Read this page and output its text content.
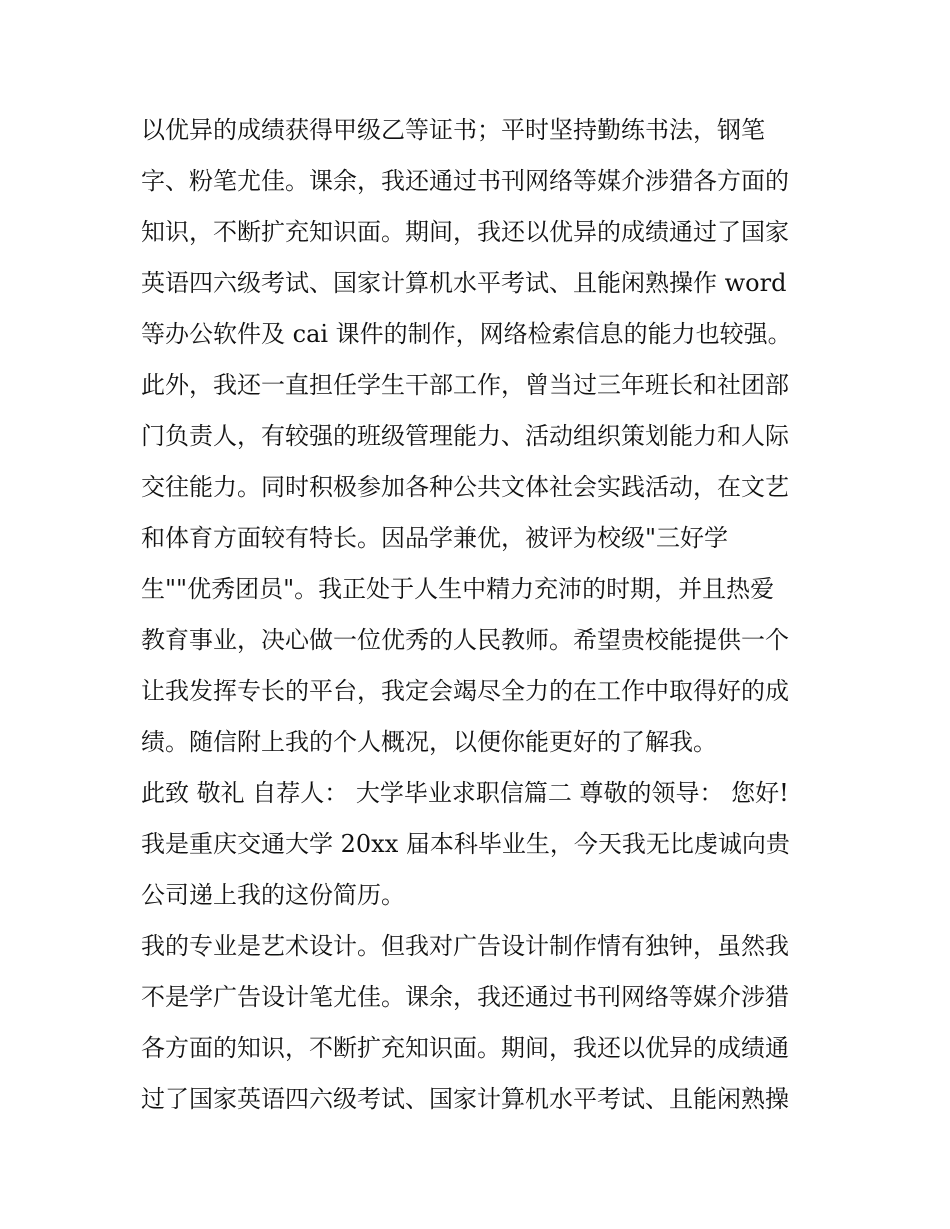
以优异的成绩获得甲级乙等证书；平时坚持勤练书法，钢笔
字、粉笔尤佳。课余，我还通过书刊网络等媒介涉猎各方面的
知识，不断扩充知识面。期间，我还以优异的成绩通过了国家
英语四六级考试、国家计算机水平考试、且能闲熟操作 word
等办公软件及 cai 课件的制作，网络检索信息的能力也较强。
此外，我还一直担任学生干部工作，曾当过三年班长和社团部
门负责人，有较强的班级管理能力、活动组织策划能力和人际
交往能力。同时积极参加各种公共文体社会实践活动，在文艺
和体育方面较有特长。因品学兼优，被评为校级"三好学
生""优秀团员"。我正处于人生中精力充沛的时期，并且热爱
教育事业，决心做一位优秀的人民教师。希望贵校能提供一个
让我发挥专长的平台，我定会竭尽全力的在工作中取得好的成
绩。随信附上我的个人概况，以便你能更好的了解我。
此致 敬礼 自荐人： 大学毕业求职信篇二 尊敬的领导： 您好!
我是重庆交通大学 20xx 届本科毕业生，今天我无比虔诚向贵
公司递上我的这份简历。
我的专业是艺术设计。但我对广告设计制作情有独钟，虽然我
不是学广告设计笔尤佳。课余，我还通过书刊网络等媒介涉猎
各方面的知识，不断扩充知识面。期间，我还以优异的成绩通
过了国家英语四六级考试、国家计算机水平考试、且能闲熟操
